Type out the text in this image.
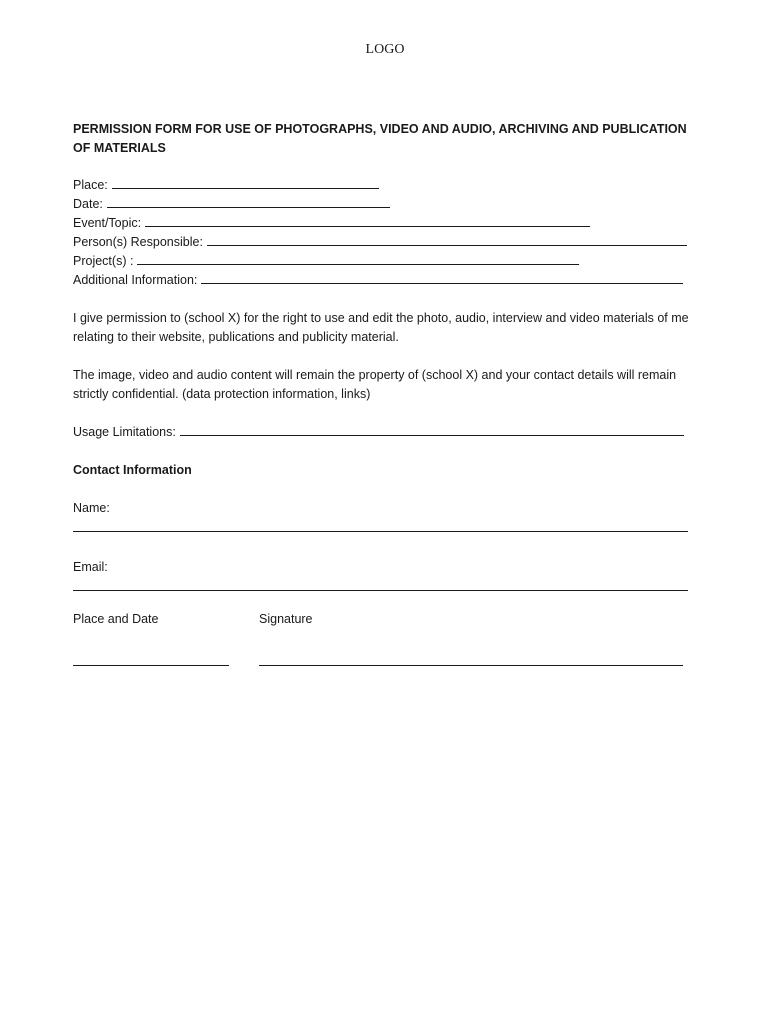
LOGO

PERMISSION FORM FOR USE OF PHOTOGRAPHS, VIDEO AND AUDIO, ARCHIVING AND PUBLICATION OF MATERIALS

Place:
Date:
Event/Topic:
Person(s) Responsible:
Project(s) :
Additional Information:

I give permission to (school X) for the right to use and edit the photo, audio, interview and video materials of me relating to their website, publications and publicity material.

The image, video and audio content will remain the property of (school X) and your contact details will remain strictly confidential. (data protection information, links)

Usage Limitations:
Contact Information
Name:
Email:
Place and Date	Signature
